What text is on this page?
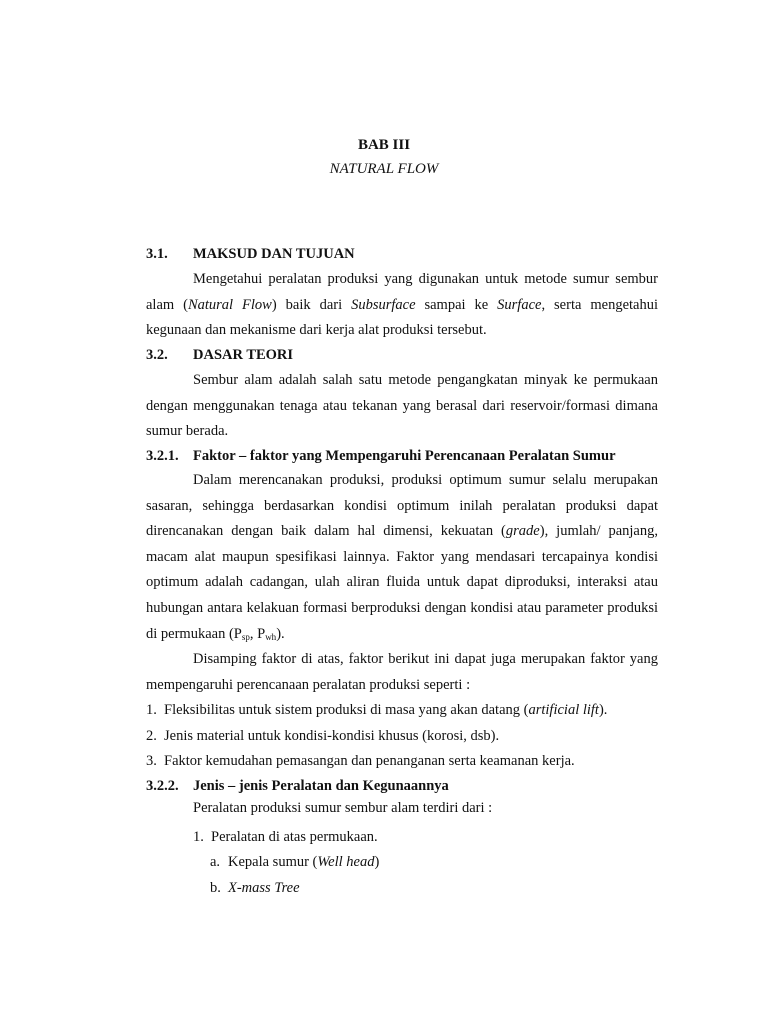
BAB III
NATURAL FLOW
3.1. MAKSUD DAN TUJUAN

Mengetahui peralatan produksi yang digunakan untuk metode sumur sembur alam (Natural Flow) baik dari Subsurface sampai ke Surface, serta mengetahui kegunaan dan mekanisme dari kerja alat produksi tersebut.

3.2. DASAR TEORI

Sembur alam adalah salah satu metode pengangkatan minyak ke permukaan dengan menggunakan tenaga atau tekanan yang berasal dari reservoir/formasi dimana sumur berada.

3.2.1. Faktor – faktor yang Mempengaruhi Perencanaan Peralatan Sumur

Dalam merencanakan produksi, produksi optimum sumur selalu merupakan sasaran, sehingga berdasarkan kondisi optimum inilah peralatan produksi dapat direncanakan dengan baik dalam hal dimensi, kekuatan (grade), jumlah/ panjang, macam alat maupun spesifikasi lainnya. Faktor yang mendasari tercapainya kondisi optimum adalah cadangan, ulah aliran fluida untuk dapat diproduksi, interaksi atau hubungan antara kelakuan formasi berproduksi dengan kondisi atau parameter produksi di permukaan ($P_{sp}$, $P_{wh}$).

Disamping faktor di atas, faktor berikut ini dapat juga merupakan faktor yang mempengaruhi perencanaan peralatan produksi seperti :

1. Fleksibilitas untuk sistem produksi di masa yang akan datang (artificial lift).
2. Jenis material untuk kondisi-kondisi khusus (korosi, dsb).
3. Faktor kemudahan pemasangan dan penanganan serta keamanan kerja.
3.2.2. Jenis – jenis Peralatan dan Kegunaannya
Peralatan produksi sumur sembur alam terdiri dari :
1. Peralatan di atas permukaan.
a. Kepala sumur (Well head)
b. X-mass Tree
